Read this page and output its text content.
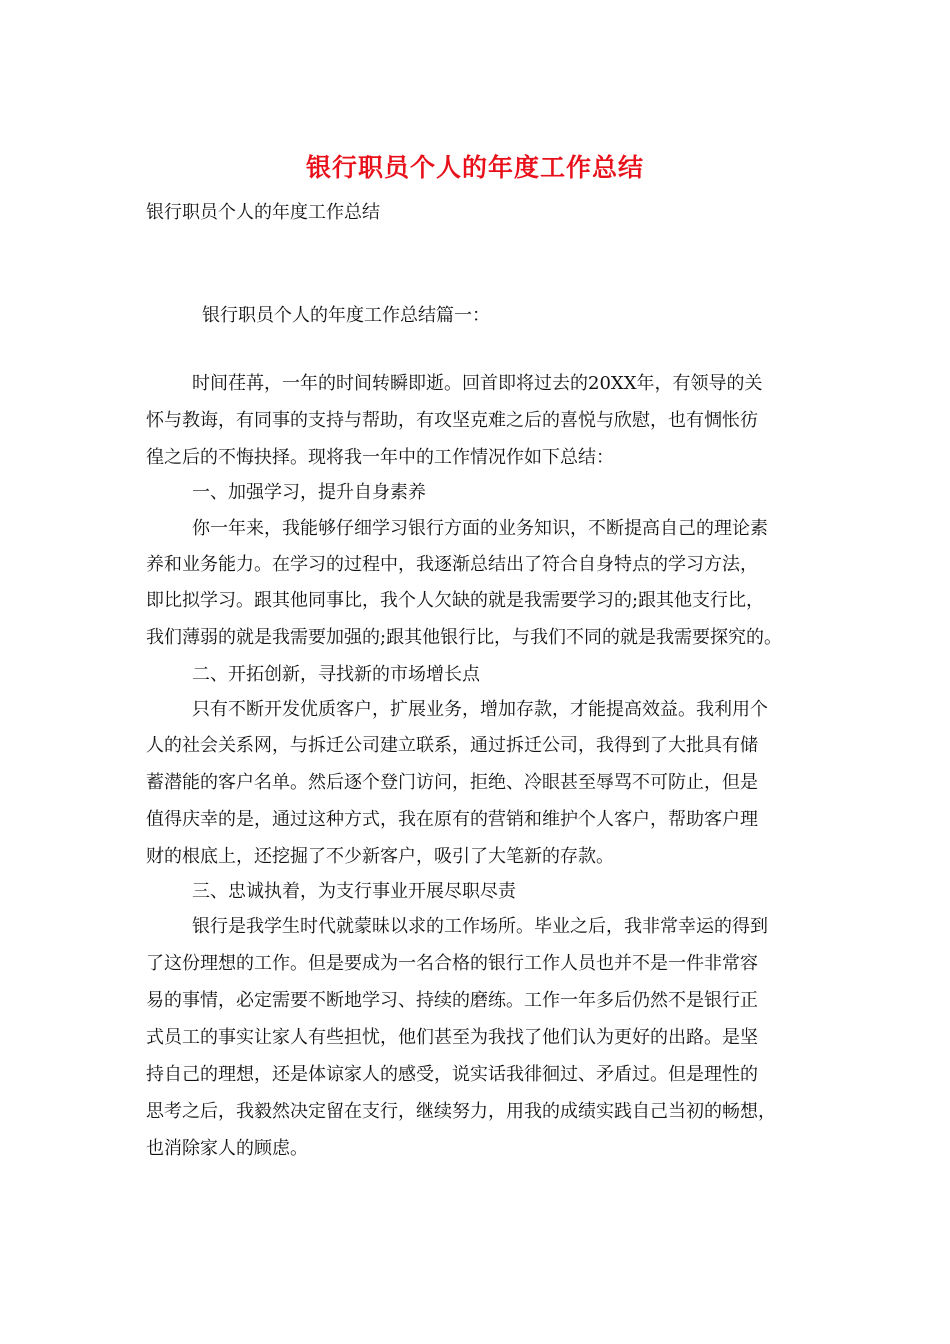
银行职员个人的年度工作总结
银行职员个人的年度工作总结
银行职员个人的年度工作总结篇一：
时间荏苒，一年的时间转瞬即逝。回首即将过去的20XX年，有领导的关
怀与教诲，有同事的支持与帮助，有攻坚克难之后的喜悦与欣慰，也有惆怅彷
徨之后的不悔抉择。现将我一年中的工作情况作如下总结：
一、加强学习，提升自身素养
你一年来，我能够仔细学习银行方面的业务知识，不断提高自己的理论素
养和业务能力。在学习的过程中，我逐渐总结出了符合自身特点的学习方法，
即比拟学习。跟其他同事比，我个人欠缺的就是我需要学习的;跟其他支行比，
我们薄弱的就是我需要加强的;跟其他银行比，与我们不同的就是我需要探究的。
二、开拓创新，寻找新的市场增长点
只有不断开发优质客户，扩展业务，增加存款，才能提高效益。我利用个
人的社会关系网，与拆迁公司建立联系，通过拆迁公司，我得到了大批具有储
蓄潜能的客户名单。然后逐个登门访问，拒绝、冷眼甚至辱骂不可防止，但是
值得庆幸的是，通过这种方式，我在原有的营销和维护个人客户，帮助客户理
财的根底上，还挖掘了不少新客户，吸引了大笔新的存款。
三、忠诚执着，为支行事业开展尽职尽责
银行是我学生时代就蒙昧以求的工作场所。毕业之后，我非常幸运的得到
了这份理想的工作。但是要成为一名合格的银行工作人员也并不是一件非常容
易的事情，必定需要不断地学习、持续的磨练。工作一年多后仍然不是银行正
式员工的事实让家人有些担忧，他们甚至为我找了他们认为更好的出路。是坚
持自己的理想，还是体谅家人的感受，说实话我徘徊过、矛盾过。但是理性的
思考之后，我毅然决定留在支行，继续努力，用我的成绩实践自己当初的畅想，
也消除家人的顾虑。
